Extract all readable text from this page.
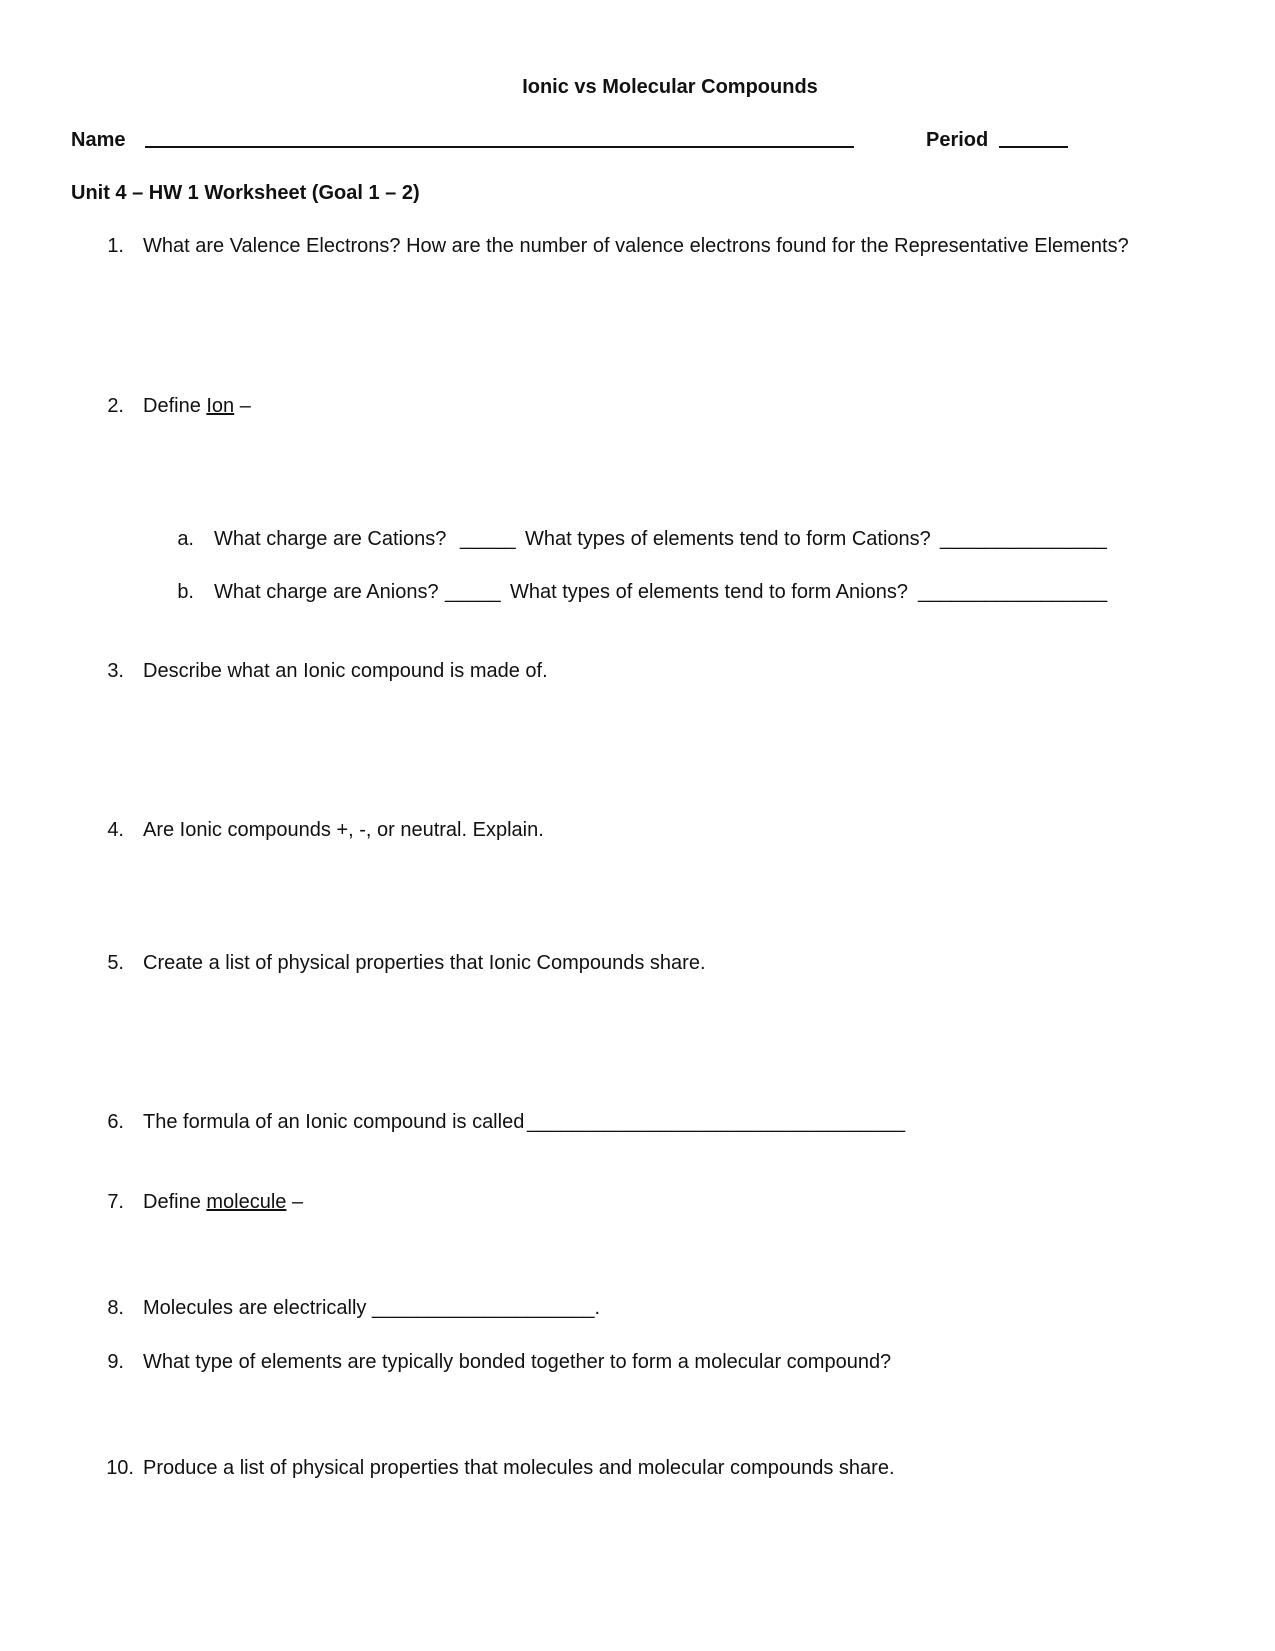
Ionic vs Molecular Compounds
Name	Period
Unit 4 – HW 1 Worksheet (Goal 1 – 2)
1. What are Valence Electrons? How are the number of valence electrons found for the Representative Elements?
2. Define Ion –
a. What charge are Cations? _____ What types of elements tend to form Cations? _______________
b. What charge are Anions? _____ What types of elements tend to form Anions? _________________
3. Describe what an Ionic compound is made of.
4. Are Ionic compounds +, -, or neutral. Explain.
5. Create a list of physical properties that Ionic Compounds share.
6. The formula of an Ionic compound is called __________________________________
7. Define molecule –
8. Molecules are electrically ____________________.
9. What type of elements are typically bonded together to form a molecular compound?
10. Produce a list of physical properties that molecules and molecular compounds share.
